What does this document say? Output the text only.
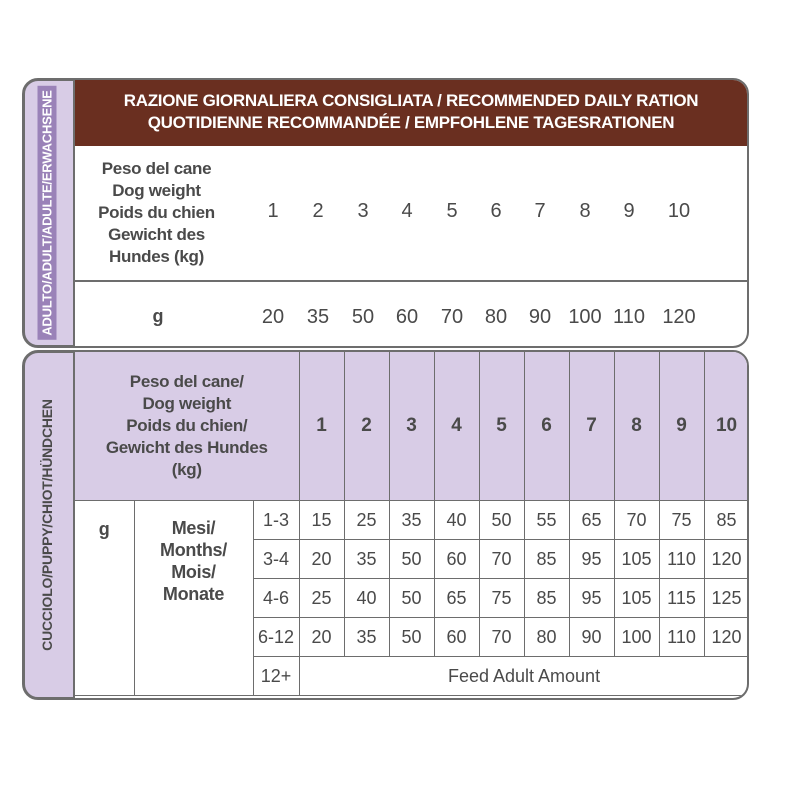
ADULTO/ADULT/ADULTE/ERWACHSENE
CUCCIOLO/PUPPY/CHIOT/HÜNDCHEN
RAZIONE GIORNALIERA CONSIGLIATA / RECOMMENDED DAILY RATION
QUOTIDIENNE RECOMMANDÉE / EMPFOHLENE TAGESRATIONEN
Peso del cane
Dog weight
Poids du chien
Gewicht des
Hundes (kg)
1 2 3 4 5 6 7 8 9 10
g	20 35 50 60 70 80 90 100 110 120
Peso del cane/
Dog weight
Poids du chien/
Gewicht des Hundes
(kg)			1	2	3	4	5	6	7	8	9	10
g	Mesi/
Months/
Mois/
Monate	1-3	15	25	35	40	50	55	65	70	75	85
		3-4	20	35	50	60	70	85	95	105	110	120
		4-6	25	40	50	65	75	85	95	105	115	125
		6-12	20	35	50	60	70	80	90	100	110	120
		12+	Feed Adult Amount									
